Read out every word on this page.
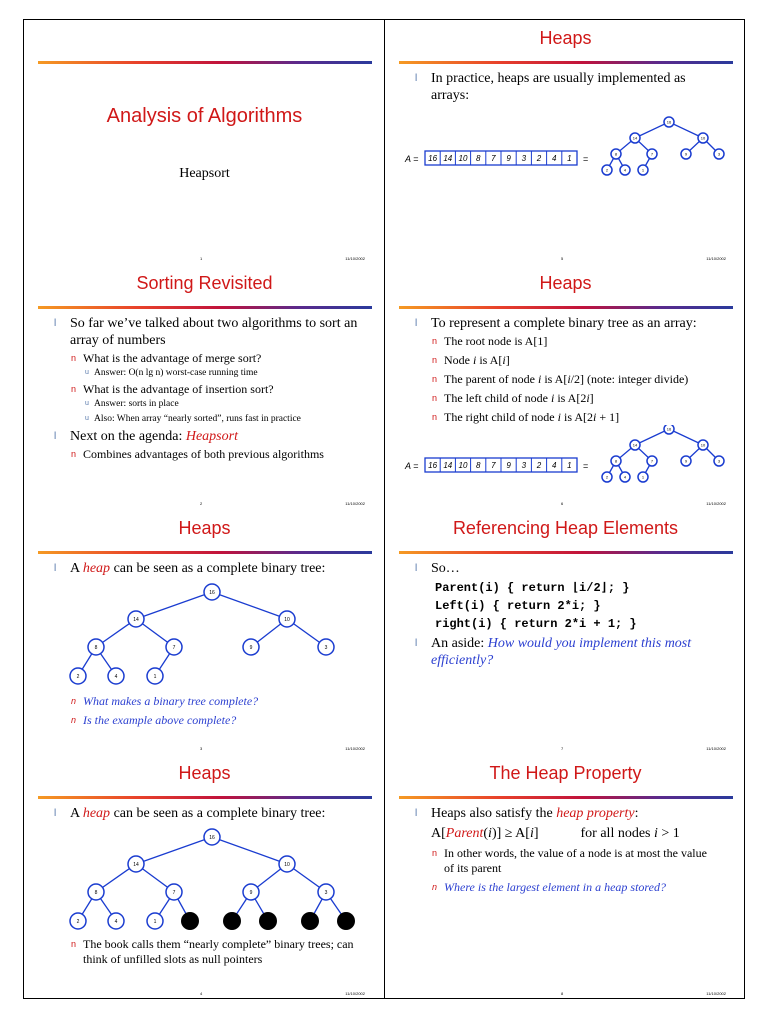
Analysis of Algorithms
Heapsort
1	11/10/2002
Sorting Revisited
l So far we’ve talked about two algorithms to sort an array of numbers
n What is the advantage of merge sort?
u Answer: O(n lg n) worst-case running time
n What is the advantage of insertion sort?
u Answer: sorts in place
u Also: When array “nearly sorted”, runs fast in practice
l Next on the agenda: Heapsort
n Combines advantages of both previous algorithms
2	11/10/2002
Heaps
l A heap can be seen as a complete binary tree:
16
14	10
8	7	9	3
2	4	1
n What makes a binary tree complete?
n Is the example above complete?
3	11/10/2002
Heaps
l A heap can be seen as a complete binary tree:
16
14	10
8	7	9	3
2	4	1
n The book calls them “nearly complete” binary trees; can think of unfilled slots as null pointers
4	11/10/2002
Heaps
l In practice, heaps are usually implemented as arrays:
A = 16 14 10 8 7 9 3 2 4 1 =
16
14	10
8	7	9	3
2	4	1
5	11/10/2002
Heaps
l To represent a complete binary tree as an array:
n The root node is A[1]
n Node i is A[i]
n The parent of node i is A[i/2] (note: integer divide)
n The left child of node i is A[2i]
n The right child of node i is A[2i + 1]
A = 16 14 10 8 7 9 3 2 4 1 =
16
14	10
8	7	9	3
2	4	1
6	11/10/2002
Referencing Heap Elements
l So…
Parent(i) { return ⌊i/2⌋; }
Left(i) { return 2*i; }
right(i) { return 2*i + 1; }
l An aside: How would you implement this most efficiently?
7	11/10/2002
The Heap Property
l Heaps also satisfy the heap property:
A[Parent(i)] ≥ A[i]	for all nodes i > 1
n In other words, the value of a node is at most the value of its parent
n Where is the largest element in a heap stored?
8	11/10/2002
